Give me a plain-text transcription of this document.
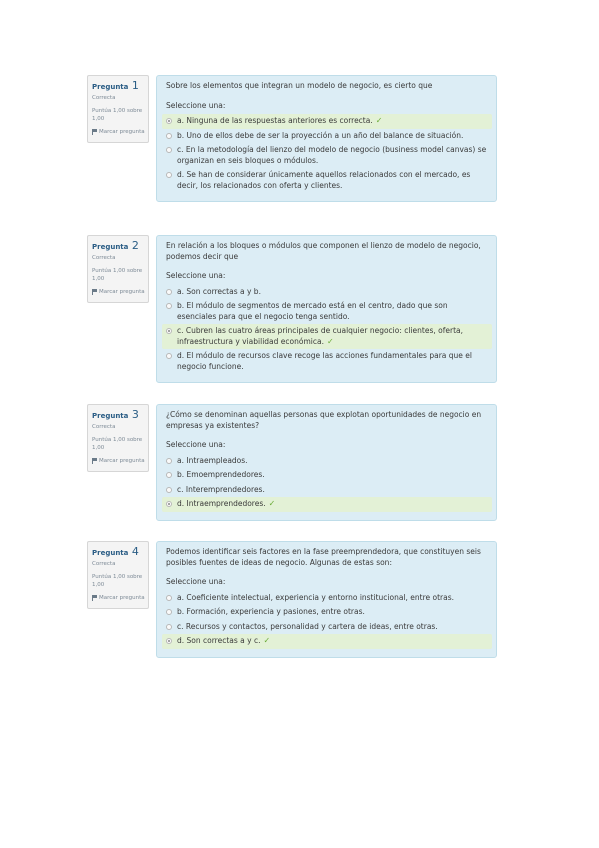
Pregunta 1
Correcta
Puntúa 1,00 sobre 1,00
Marcar pregunta

Sobre los elementos que integran un modelo de negocio, es cierto que

Seleccione una:

a. Ninguna de las respuestas anteriores es correcta. ✓
b. Uno de ellos debe de ser la proyección a un año del balance de situación.
c. En la metodología del lienzo del modelo de negocio (business model canvas) se organizan en seis bloques o módulos.
d. Se han de considerar únicamente aquellos relacionados con el mercado, es decir, los relacionados con oferta y clientes.
Pregunta 2
Correcta
Puntúa 1,00 sobre 1,00
Marcar pregunta

En relación a los bloques o módulos que componen el lienzo de modelo de negocio, podemos decir que

Seleccione una:

a. Son correctas a y b.
b. El módulo de segmentos de mercado está en el centro, dado que son esenciales para que el negocio tenga sentido.
c. Cubren las cuatro áreas principales de cualquier negocio: clientes, oferta, infraestructura y viabilidad económica. ✓
d. El módulo de recursos clave recoge las acciones fundamentales para que el negocio funcione.
Pregunta 3
Correcta
Puntúa 1,00 sobre 1,00
Marcar pregunta

¿Cómo se denominan aquellas personas que explotan oportunidades de negocio en empresas ya existentes?

Seleccione una:

a. Intraempleados.
b. Emoemprendedores.
c. Interemprendedores.
d. Intraemprendedores. ✓
Pregunta 4
Correcta
Puntúa 1,00 sobre 1,00
Marcar pregunta

Podemos identificar seis factores en la fase preemprendedora, que constituyen seis posibles fuentes de ideas de negocio. Algunas de estas son:

Seleccione una:

a. Coeficiente intelectual, experiencia y entorno institucional, entre otras.
b. Formación, experiencia y pasiones, entre otras.
c. Recursos y contactos, personalidad y cartera de ideas, entre otras.
d. Son correctas a y c. ✓
